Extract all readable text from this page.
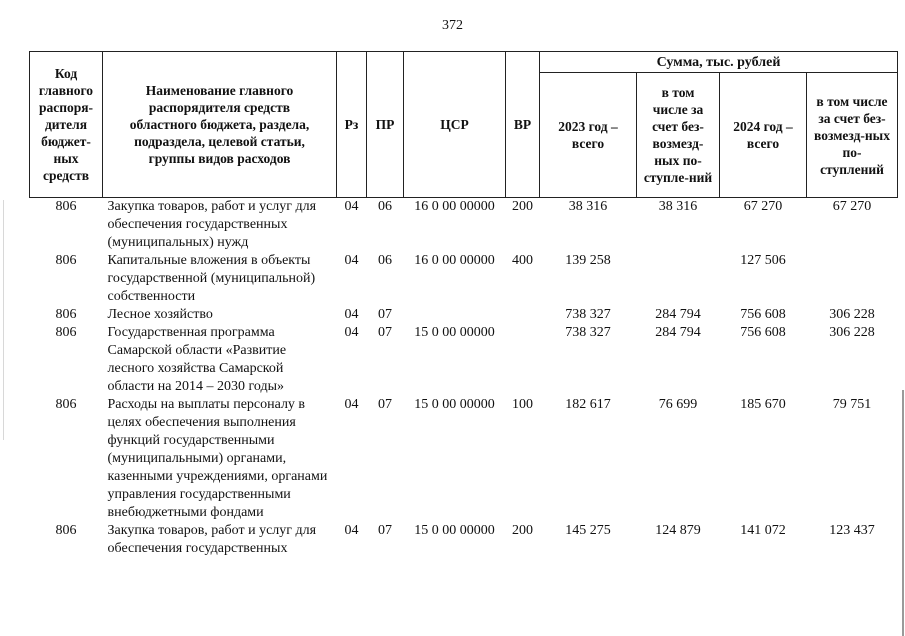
372
Код главного распоря-дителя бюджет-ных средств	Наименование главного распорядителя средств областного бюджета, раздела, подраздела, целевой статьи, группы видов расходов	Рз	ПР	ЦСР	ВР	Сумма, тыс. рублей			
						2023 год – всего	в том числе за счет без-возмезд-ных по-ступле-ний	2024 год – всего	в том числе за счет без-возмезд-ных по-ступлений
806	Закупка товаров, работ и услуг для обеспечения государственных (муниципальных) нужд	04	06	16 0 00 00000	200	38 316	38 316	67 270	67 270
806	Капитальные вложения в объекты государственной (муниципальной) собственности	04	06	16 0 00 00000	400	139 258		127 506	
806	Лесное хозяйство	04	07			738 327	284 794	756 608	306 228
806	Государственная программа Самарской области «Развитие лесного хозяйства Самарской области на 2014 – 2030 годы»	04	07	15 0 00 00000		738 327	284 794	756 608	306 228
806	Расходы на выплаты персоналу в целях обеспечения выполнения функций государственными (муниципальными) органами, казенными учреждениями, органами управления государственными внебюджетными фондами	04	07	15 0 00 00000	100	182 617	76 699	185 670	79 751
806	Закупка товаров, работ и услуг для обеспечения государственных	04	07	15 0 00 00000	200	145 275	124 879	141 072	123 437
